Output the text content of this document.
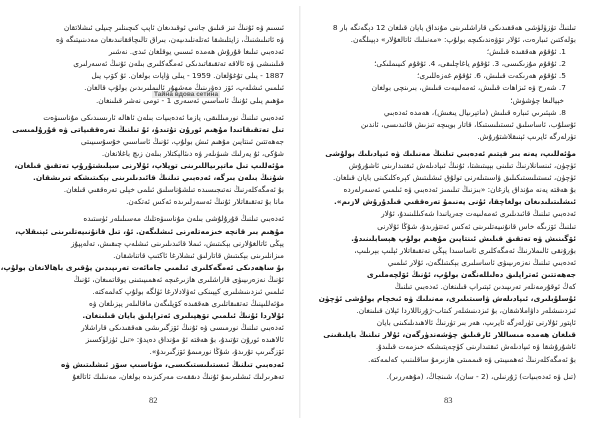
ئىسىم ۋە ئۇنىڭ تىز قىلىق جانىي ئوقىدىغان ئاپپ كىچىنلىر چىيلى ئىشلاتقان
ۋە ئاتىلىشنىڭ، زايتلىشقا ئەتلەنلىدىيەن، بىراق تالىچاققانىدىغان مەدىنىيتىگە ۋە
ئەدەبىي تىلىغا قۇرۇش ھەمدە ئىسىي يوقلغان ئىدى. نەشىر
قىلىنىشى ۋە ئالاقە تەتقىقاتىدىكى ئەمگەكلىرى بىلەن ئۇنىڭ ئەسەرلىرى
1887 - يىلى تۇغۇلغان. 1959 - يىلى ۋاپات بولغان. ئۇ كۆپ يىل
ئىلمىي ئىشلەپ، ئۆز دەۋرىنىڭ مەشھۇر ئالىملىرىدىن بولۇپ قالغان.
مۇھىم يىلى ئۇنىڭ ئاساسىي ئەسەرى 1 - تومى نەشر قىلىنغان.
ئەدەبىي تىلنىڭ نورمىللىقى، يازما ئەدەبىيات بىلەن ئاھالە ئارىسىدىكى مۇناسىۋەت
تىل تەتقىقاتىدا مۇھىم ئورۇن تۇتىدۇ، ئۇ تىلنىڭ تەرەققىياتى ۋە قۇرۇلمىسى
جەھەتتىن ئىنتايىن مۇھىم ئىش بولۇپ، ئۇنىڭ ئاساسىي خۇسۇسىيىتى
شۇكى، ئۇ يەرلىك شىۋىلەر ۋە دىئالېكتلار بىلەن زىچ باغلانغان.
مۇئەللىپ تىل ماتېرىياللىرىنى توپلاپ، ئۇلارنى سېلىشتۇرۇپ تەتقىق قىلغان،
شۇنىڭ بىلەن بىرگە، ئەدەبىي تىلنىڭ قائىدىلىرىنى بېكىتىشكە تىرىشقان.
بۇ ئەمگەكلەرنىڭ نەتىجىسىدە تىلشۇناسلىق ئىلمى خېلى تەرەققىي قىلغان.
مانا بۇ تەتقىقاتلار ئۇنىڭ ئەسەرلىرىدە ئەكس ئەتكەن.
ئەدەبىي تىلنىڭ قۇرۇلۇشى بىلەن مۇناسىۋەتلىك مەسىلىلەر ئۈستىدە
مۇھىم بىر قانچە خىزمەتلەرنى ئىشلىگەن. ئۇ، تىل قانۇنىيەتلىرىنى ئېنىقلاپ،
يېڭى ئاتالغۇلارنى بېكىتىش، ئىملا قائىدىلىرىنى ئىشلەپ چىقىش، تەلەپپۇز
مىزانلىرىنى بېكىتىش قاتارلىق ئىشلارغا ئاكتىپ قاتناشقان.
بۇ ساھەدىكى ئەمگەكلىرى ئىلمىي جامائەت تەرىپىدىن يۇقىرى باھالانغان بولۇپ،
ئۇنىڭ نەزەرىيىۋى قاراشلىرى ھازىرغىچە ئەھمىيىتىنى يوقاتمىغان، ئۇنىڭ
ئىلمىي ئىزدىنىشلىرى كېيىنكى ئەۋلادلارغا ئۈلگە بولۇپ كەلمەكتە.
مۇئەللىپنىڭ تەتقىقاتلىرى ھەققىدە كۆپلىگەن ماقالىلەر يېزىلغان ۋە
ئۇلاردا ئۇنىڭ ئىلمىي تۆھپىلىرى ئەتراپلىق بايان قىلىنغان.
ئەدەبىي تىلنىڭ نورمىسى ۋە ئۇنىڭ ئۆزگىرىشى ھەققىدىكى قاراشلار
ئالاھىدە ئورۇن تۇتىدۇ، بۇ ھەقتە ئۇ مۇنداق دەيدۇ: «تىل ئۈزلۈكسىز
ئۆزگىرىپ تۇرىدۇ، شۇڭا نورمىمۇ ئۆزگىرىدۇ».
ئەدەبىي تىلنىڭ ئىستىلىستىكىسى، مۇناسىپ سۆز ئىشلىتىش ۋە
تەھرىرلىك ئىشلىرىمۇ ئۇنىڭ دىققەت مەركىزىدە بولغان، مەنىلىك ئاتالغۇ
تىلنىڭ تۈزۈلۈشى ھەققىدىكى قاراشلىرىنى مۇنداق بايان قىلغان 12 دېگەنگە بار 8
بۆلەكتىن ئىبارەت، ئۇلار تۆۋەندىكىچە بولۇپ: «مەنىلىك ئاتالغۇلار» دېيىلگەن.
1. ئۇقۇم ھەققىدە قىلىش؛
2. ئۇقۇم مۇزىكىسى، 3. ئۇقۇم ياغاچلىقى، 4. ئۇقۇم كىيىملىكى؛
5. ئۇقۇم ھەرىكەت قىلىش، 6. ئۇقۇم غەزەللىرى؛
7. شەرح ۋە ئىزاھات قىلىش، ئەمەلىيەت قىلىش، بىرىنچى بولغان
خېيالىغا چۈشۈش؛
8. شېئىرىي ئىبارە قىلىش (ماتېرىيال يىغىش)، ھەمدە ئەدەبىي
ئۇسلۇب، ئاساسلىق ئىستىلىستىكا، قاتار بويىچە تىزىش قائىدىسى، ئاندىن
تۈرلەرگە ئايرىپ ئېنىقلاشتۇرۇش.
مۇئەللىپ، يەنە بىر قېتىم ئەدەبىي تىلنىڭ مەنىلىك ۋە ئىپادىلىك بولۇشى
ئۈچۈن، ئىنسانلارنىڭ تىلىنى بېيىتىشتا، ئۇنىڭ ئىپادىلەش ئىقتىدارىنى ئاشۇرۇش
ئۈچۈن، ئىستىلىستىكىلىق ۋاسىتىلەرنى تولۇق ئىشلىتىش كېرەكلىكىنى بايان قىلغان.
بۇ ھەقتە يەنە مۇنداق يازغان: «بىزنىڭ تىلىمىز ئەدەبىي ۋە ئىلمىي ئەسەرلەردە
ئىشلىتىلىدىغان بولغاچقا، ئۇنى يەنىمۇ تەرەققىي قىلدۇرۇش لازىم».
ئەدەبىي تىلنىڭ قائىدىلىرى ئەمەلىيەت جەريانىدا شەكىللىنىدۇ، ئۇلار
تىلنىڭ ئۆزىگە خاس قانۇنىيەتلىرىنى ئەكس ئەتتۈرىدۇ، شۇڭا ئۇلارنى
ئۆگىنىش ۋە تەتقىق قىلىش ئىنتايىن مۇھىم بولۇپ ھېسابلىنىدۇ.
بۇرۇنقى ئالىملارنىڭ ئەمگەكلىرى ئاساسىدا يېڭى تەتقىقاتلار ئېلىپ بېرىلىپ،
ئەدەبىي تىلنىڭ نەزەرىيىۋى ئاساسلىرى بېكىتىلگەن، ئۇلار ئىلمىي
جەھەتتىن ئەتراپلىق دەلىللەنگەن بولۇپ، ئۇنىڭ ئۆلچەملىرى
كەڭ ئوقۇرمەنلەر تەرىپىدىن ئېتىراپ قىلىنغان. ئەدەبىي تىلنىڭ
ئۇسلۇبلىرى، ئىپادىلەش ۋاسىتىلىرى، مەنىلىك ۋە ئىخچام بولۇشى ئۈچۈن
ئىزدىنىشلەر داۋاملاشقان، بۇ ئىزدىنىشلەر كىتاب-ژۇرناللاردا ئېلان قىلىنغان.
ئاپتور ئۇلارنى تۈرلەرگە ئايرىپ، ھەر بىر تۈرنىڭ ئالاھىدىلىكىنى بايان
قىلغان ھەمدە مىساللار ئارقىلىق چۈشەندۈرگەن، ئۇلار تىلنىڭ بايلىقىنى
ئاشۇرۇشقا ۋە ئىپادىلەش ئىقتىدارىنى كۈچەيتىشكە خىزمەت قىلىدۇ.
بۇ ئەمگەكلەرنىڭ ئەھمىيىتى ۋە قىممىتى ھازىرمۇ ساقلىنىپ كەلمەكتە.
(تىل ۋە ئەدەبىيات) ژۇرنىلى، (2 - سان)، شىنجاڭ، (مۇھەررىر).
Тайна вдова сетина
82	83
